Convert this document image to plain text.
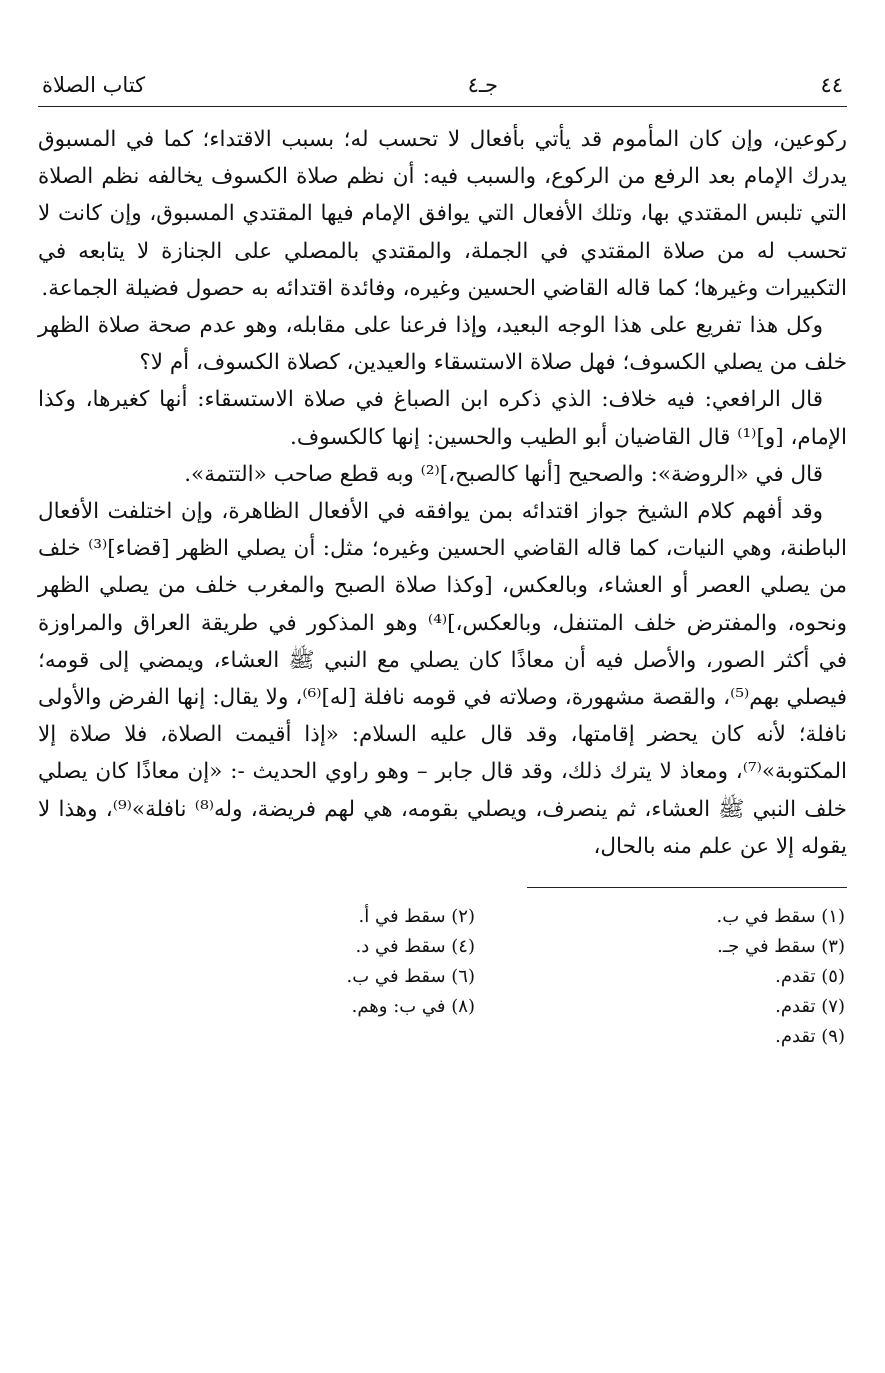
٤٤
جـ٤
كتاب الصلاة

ركوعين، وإن كان المأموم قد يأتي بأفعال لا تحسب له؛ بسبب الاقتداء؛ كما في المسبوق يدرك الإمام بعد الرفع من الركوع، والسبب فيه: أن نظم صلاة الكسوف يخالفه نظم الصلاة التي تلبس المقتدي بها، وتلك الأفعال التي يوافق الإمام فيها المقتدي المسبوق، وإن كانت لا تحسب له من صلاة المقتدي في الجملة، والمقتدي بالمصلي على الجنازة لا يتابعه في التكبيرات وغيرها؛ كما قاله القاضي الحسين وغيره، وفائدة اقتدائه به حصول فضيلة الجماعة.

وكل هذا تفريع على هذا الوجه البعيد، وإذا فرعنا على مقابله، وهو عدم صحة صلاة الظهر خلف من يصلي الكسوف؛ فهل صلاة الاستسقاء والعيدين، كصلاة الكسوف، أم لا؟

قال الرافعي: فيه خلاف: الذي ذكره ابن الصباغ في صلاة الاستسقاء: أنها كغيرها، وكذا الإمام، [و]⁽¹⁾ قال القاضيان أبو الطيب والحسين: إنها كالكسوف.

قال في «الروضة»: والصحيح [أنها كالصبح،]⁽²⁾ وبه قطع صاحب «التتمة».

وقد أفهم كلام الشيخ جواز اقتدائه بمن يوافقه في الأفعال الظاهرة، وإن اختلفت الأفعال الباطنة، وهي النيات، كما قاله القاضي الحسين وغيره؛ مثل: أن يصلي الظهر [قضاء]⁽³⁾ خلف من يصلي العصر أو العشاء، وبالعكس، [وكذا صلاة الصبح والمغرب خلف من يصلي الظهر ونحوه، والمفترض خلف المتنفل، وبالعكس،]⁽⁴⁾ وهو المذكور في طريقة العراق والمراوزة في أكثر الصور، والأصل فيه أن معاذًا كان يصلي مع النبي ﷺ العشاء، ويمضي إلى قومه؛ فيصلي بهم⁽⁵⁾، والقصة مشهورة، وصلاته في قومه نافلة [له]⁽⁶⁾، ولا يقال: إنها الفرض والأولى نافلة؛ لأنه كان يحضر إقامتها، وقد قال عليه السلام: «إذا أقيمت الصلاة، فلا صلاة إلا المكتوبة»⁽⁷⁾، ومعاذ لا يترك ذلك، وقد قال جابر – وهو راوي الحديث -: «إن معاذًا كان يصلي خلف النبي ﷺ العشاء، ثم ينصرف، ويصلي بقومه، هي لهم فريضة، وله⁽⁸⁾ نافلة»⁽⁹⁾، وهذا لا يقوله إلا عن علم منه بالحال،

(١) سقط في ب.
(٢) سقط في أ.
(٣) سقط في جـ.
(٤) سقط في د.
(٥) تقدم.
(٦) سقط في ب.
(٧) تقدم.
(٨) في ب: وهم.
(٩) تقدم.
